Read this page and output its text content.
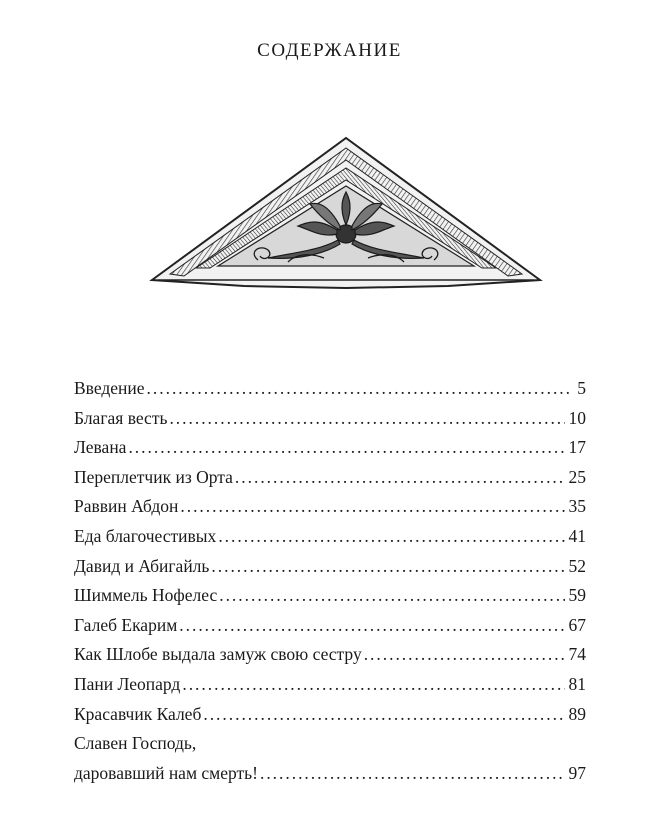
СОДЕРЖАНИЕ
Введение . . .	5
Благая весть . . .	10
Левана . . .	17
Переплетчик из Орта . . .	25
Раввин Абдон . . .	35
Еда благочестивых . . .	41
Давид и Абигайль . . .	52
Шиммель Нофелес . . .	59
Галеб Екарим . . .	67
Как Шлобе выдала замуж свою сестру . . .	74
Пани Леопард . . .	81
Красавчик Калеб . . .	89
Славен Господь,
даровавший нам смерть! . . .	97
